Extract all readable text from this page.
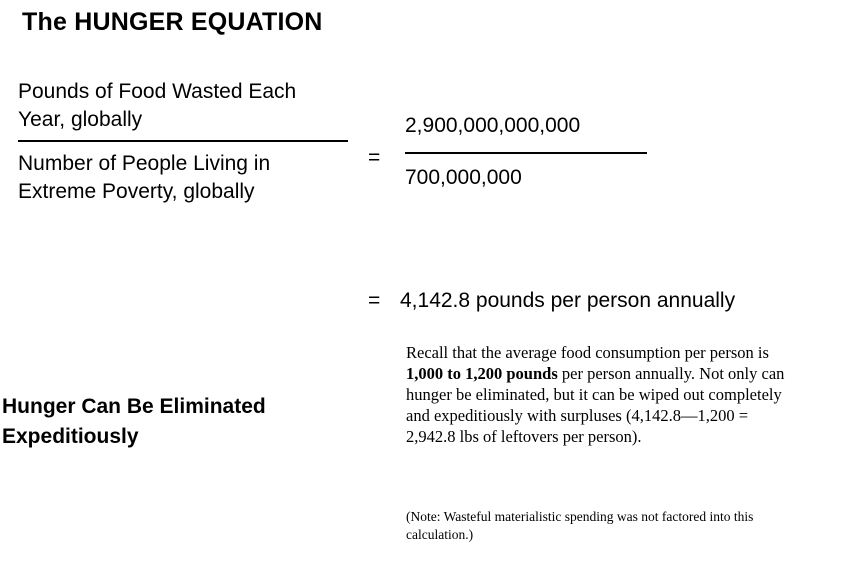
The HUNGER EQUATION
Pounds of Food Wasted Each Year, globally
Number of People Living in Extreme Poverty, globally
=
2,900,000,000,000
700,000,000
= 4,142.8 pounds per person annually
Hunger Can Be Eliminated Expeditiously
Recall that the average food consumption per person is 1,000 to 1,200 pounds per person annually. Not only can hunger be eliminated, but it can be wiped out completely and expeditiously with surpluses (4,142.8—1,200 = 2,942.8 lbs of leftovers per person).
(Note: Wasteful materialistic spending was not factored into this calculation.)
